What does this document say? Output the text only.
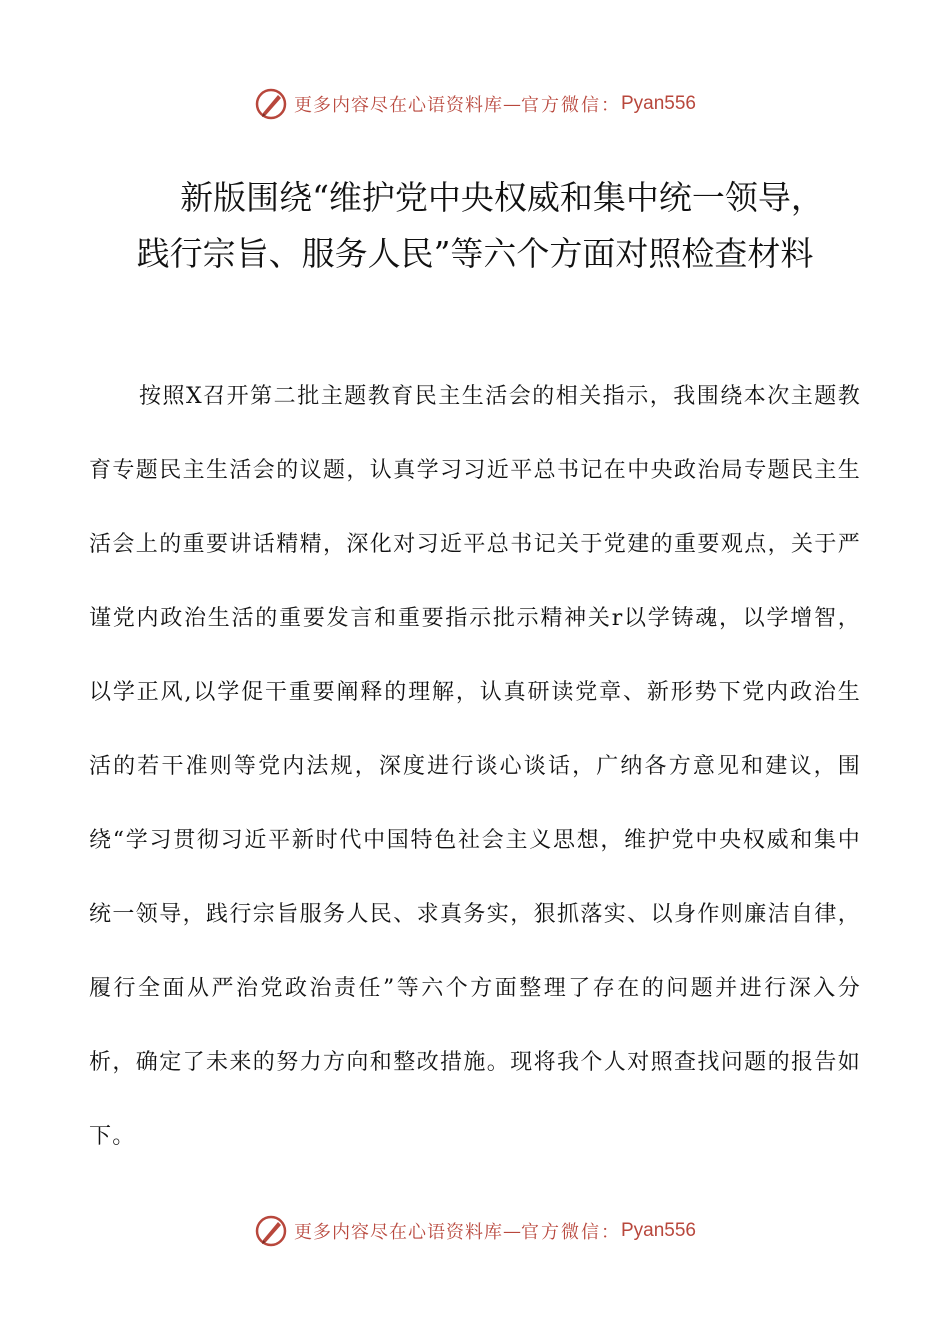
更多内容尽在心语资料库 — 官方微信： Pyan556
新版围绕“维护党中央权威和集中统一领导，
践行宗旨、服务人民”等六个方面对照检查材料

按照X召开第二批主题教育民主生活会的相关指示，我围绕本次主题教育专题民主生活会的议题，认真学习习近平总书记在中央政治局专题民主生活会上的重要讲话精精，深化对习近平总书记关于党建的重要观点，关于严谨党内政治生活的重要发言和重要指示批示精神关r以学铸魂，以学增智，以学正风,以学促干重要阐释的理解，认真研读党章、新形势下党内政治生活的若干准则等党内法规，深度进行谈心谈话，广纳各方意见和建议，围绕“学习贯彻习近平新时代中国特色社会主义思想，维护党中央权威和集中统一领导，践行宗旨服务人民、求真务实，狠抓落实、以身作则廉洁自律，履行全面从严治党政治责任”等六个方面整理了存在的问题并进行深入分析，确定了未来的努力方向和整改措施。现将我个人对照查找问题的报告如下。

更多内容尽在心语资料库 — 官方微信： Pyan556
